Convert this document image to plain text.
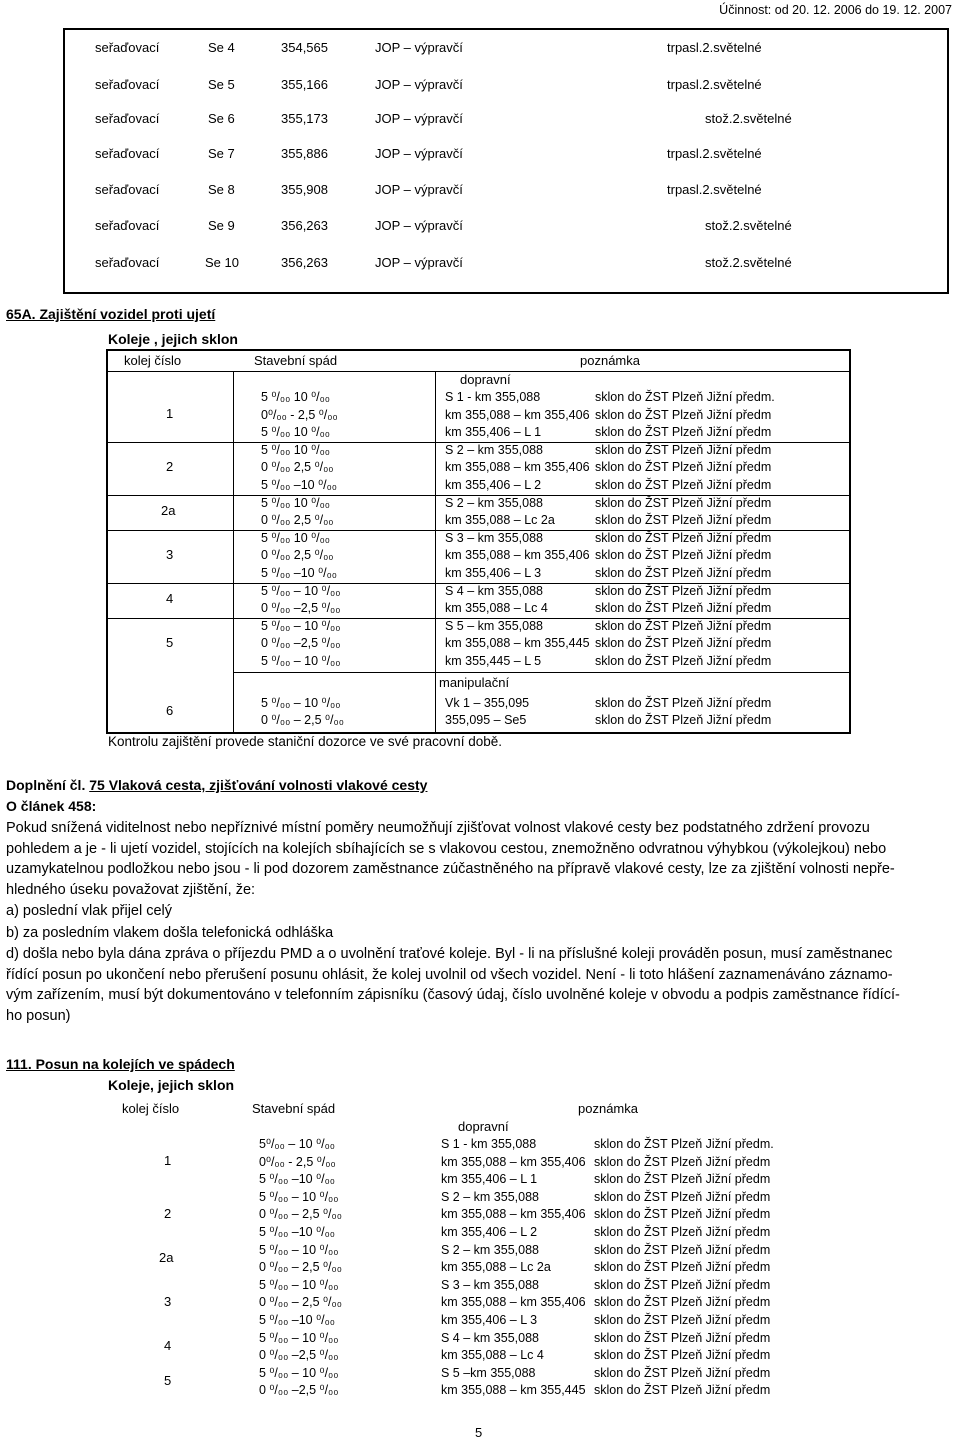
Účinnost: od 20. 12. 2006 do 19. 12. 2007
seřaďovací	Se 4	354,565	JOP – výpravčí	trpasl.2.světelné
seřaďovací	Se 5	355,166	JOP – výpravčí	trpasl.2.světelné
seřaďovací	Se 6	355,173	JOP – výpravčí	stož.2.světelné
seřaďovací	Se 7	355,886	JOP – výpravčí	trpasl.2.světelné
seřaďovací	Se 8	355,908	JOP – výpravčí	trpasl.2.světelné
seřaďovací	Se 9	356,263	JOP – výpravčí	stož.2.světelné
seřaďovací	Se 10	356,263	JOP – výpravčí	stož.2.světelné
65A. Zajištění vozidel proti ujetí
Koleje , jejich sklon
kolej číslo	Stavební spád	poznámka
dopravní
1
5 ⁰/₀₀ 10 ⁰/₀₀	S 1 - km 355,088	sklon do ŽST Plzeň Jižní předm.
0⁰/₀₀ - 2,5 ⁰/₀₀	km 355,088 – km 355,406 sklon do ŽST Plzeň Jižní předm
5 ⁰/₀₀ 10 ⁰/₀₀	km 355,406 – L 1	sklon do ŽST Plzeň Jižní předm
2
5 ⁰/₀₀ 10 ⁰/₀₀	S 2 – km 355,088	sklon do ŽST Plzeň Jižní předm
0 ⁰/₀₀ 2,5 ⁰/₀₀	km 355,088 – km 355,406 sklon do ŽST Plzeň Jižní předm
5 ⁰/₀₀ –10 ⁰/₀₀	km 355,406 – L 2	sklon do ŽST Plzeň Jižní předm
2a
5 ⁰/₀₀ 10 ⁰/₀₀	S 2 – km 355,088	sklon do ŽST Plzeň Jižní předm
0 ⁰/₀₀ 2,5 ⁰/₀₀	km 355,088 – Lc 2a	sklon do ŽST Plzeň Jižní předm
3
5 ⁰/₀₀ 10 ⁰/₀₀	S 3 – km 355,088	sklon do ŽST Plzeň Jižní předm
0 ⁰/₀₀ 2,5 ⁰/₀₀	km 355,088 – km 355,406 sklon do ŽST Plzeň Jižní předm
5 ⁰/₀₀ –10 ⁰/₀₀	km 355,406 – L 3	sklon do ŽST Plzeň Jižní předm
4
5 ⁰/₀₀ – 10 ⁰/₀₀	S 4 – km 355,088	sklon do ŽST Plzeň Jižní předm
0 ⁰/₀₀ –2,5 ⁰/₀₀	km 355,088 – Lc 4	sklon do ŽST Plzeň Jižní předm
5
5 ⁰/₀₀ – 10 ⁰/₀₀	S 5 – km 355,088	sklon do ŽST Plzeň Jižní předm
0 ⁰/₀₀ –2,5 ⁰/₀₀	km 355,088 – km 355,445 sklon do ŽST Plzeň Jižní předm
5 ⁰/₀₀ – 10 ⁰/₀₀	km 355,445 – L 5	sklon do ŽST Plzeň Jižní předm
manipulační
6
5 ⁰/₀₀ – 10 ⁰/₀₀	Vk 1 – 355,095	sklon do ŽST Plzeň Jižní předm
0 ⁰/₀₀ – 2,5 ⁰/₀₀	355,095 – Se5	sklon do ŽST Plzeň Jižní předm
Kontrolu zajištění provede staniční dozorce ve své pracovní době.
Doplnění čl. 75 Vlaková cesta, zjišťování volnosti vlakové cesty
O článek 458:
Pokud snížená viditelnost nebo nepříznivé místní poměry neumožňují zjišťovat volnost vlakové cesty bez podstatného zdržení provozu
pohledem a je - li ujetí vozidel, stojících na kolejích sbíhajících se s vlakovou cestou, znemožněno odvratnou výhybkou (výkolejkou) nebo
uzamykatelnou podložkou nebo jsou - li pod dozorem zaměstnance zúčastněného na přípravě vlakové cesty, lze za zjištění volnosti nepře-
hledného úseku považovat zjištění, že:
a) poslední vlak přijel celý
b) za posledním vlakem došla telefonická odhláška
d) došla nebo byla dána zpráva o příjezdu PMD a o uvolnění traťové koleje. Byl - li na příslušné koleji prováděn posun, musí zaměstnanec
řídící posun po ukončení nebo přerušení posunu ohlásit, že kolej uvolnil od všech vozidel. Není - li toto hlášení zaznamenáváno záznamo-
vým zařízením, musí být dokumentováno v telefonním zápisníku (časový údaj, číslo uvolněné koleje v obvodu a podpis zaměstnance řídící-
ho posun)
111. Posun na kolejích ve spádech
Koleje, jejich sklon
kolej číslo	Stavební spád	poznámka
dopravní
1
5⁰/₀₀ – 10 ⁰/₀₀	S 1 - km 355,088	sklon do ŽST Plzeň Jižní předm.
0⁰/₀₀ - 2,5 ⁰/₀₀	km 355,088 – km 355,406 sklon do ŽST Plzeň Jižní předm
5 ⁰/₀₀ –10 ⁰/₀₀	km 355,406 – L 1	sklon do ŽST Plzeň Jižní předm
2
5 ⁰/₀₀ – 10 ⁰/₀₀	S 2 – km 355,088	sklon do ŽST Plzeň Jižní předm
0 ⁰/₀₀ – 2,5 ⁰/₀₀	km 355,088 – km 355,406 sklon do ŽST Plzeň Jižní předm
5 ⁰/₀₀ –10 ⁰/₀₀	km 355,406 – L 2	sklon do ŽST Plzeň Jižní předm
2a
5 ⁰/₀₀ – 10 ⁰/₀₀	S 2 – km 355,088	sklon do ŽST Plzeň Jižní předm
0 ⁰/₀₀ – 2,5 ⁰/₀₀	km 355,088 – Lc 2a	sklon do ŽST Plzeň Jižní předm
3
5 ⁰/₀₀ – 10 ⁰/₀₀	S 3 – km 355,088	sklon do ŽST Plzeň Jižní předm
0 ⁰/₀₀ – 2,5 ⁰/₀₀	km 355,088 – km 355,406 sklon do ŽST Plzeň Jižní předm
5 ⁰/₀₀ –10 ⁰/₀₀	km 355,406 – L 3	sklon do ŽST Plzeň Jižní předm
4
5 ⁰/₀₀ – 10 ⁰/₀₀	S 4 – km 355,088	sklon do ŽST Plzeň Jižní předm
0 ⁰/₀₀ –2,5 ⁰/₀₀	km 355,088 – Lc 4	sklon do ŽST Plzeň Jižní předm
5
5 ⁰/₀₀ – 10 ⁰/₀₀	S 5 –km 355,088	sklon do ŽST Plzeň Jižní předm
0 ⁰/₀₀ –2,5 ⁰/₀₀	km 355,088 – km 355,445 sklon do ŽST Plzeň Jižní předm
5
